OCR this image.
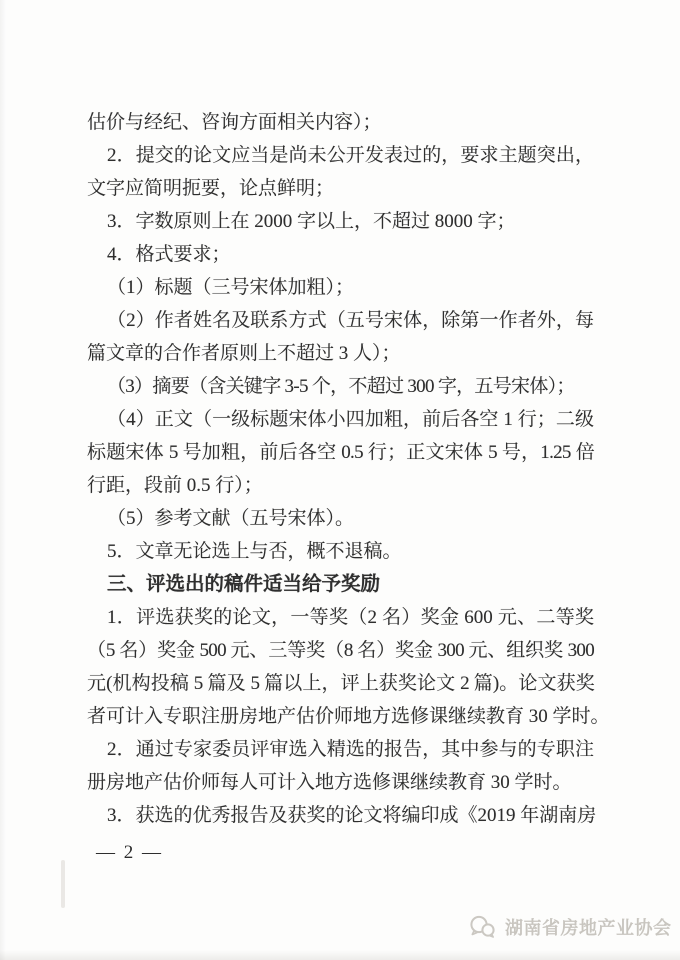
估价与经纪、咨询方面相关内容）；
2．提交的论文应当是尚未公开发表过的，要求主题突出，
文字应简明扼要，论点鲜明；
3．字数原则上在 2000 字以上，不超过 8000 字；
4．格式要求；
（1）标题（三号宋体加粗）；
（2）作者姓名及联系方式（五号宋体，除第一作者外，每
篇文章的合作者原则上不超过 3 人）；
（3）摘要（含关键字 3-5 个，不超过 300 字，五号宋体）；
（4）正文（一级标题宋体小四加粗，前后各空 1 行；二级
标题宋体 5 号加粗，前后各空 0.5 行；正文宋体 5 号，1.25 倍
行距，段前 0.5 行）；
（5）参考文献（五号宋体）。
5．文章无论选上与否，概不退稿。
三、评选出的稿件适当给予奖励
1．评选获奖的论文，一等奖（2 名）奖金 600 元、二等奖
（5 名）奖金 500 元、三等奖（8 名）奖金 300 元、组织奖 300
元(机构投稿 5 篇及 5 篇以上，评上获奖论文 2 篇)。论文获奖
者可计入专职注册房地产估价师地方选修课继续教育 30 学时。
2．通过专家委员评审选入精选的报告，其中参与的专职注
册房地产估价师每人可计入地方选修课继续教育 30 学时。
3．获选的优秀报告及获奖的论文将编印成《2019 年湖南房
— 2 —
湖南省房地产业协会
